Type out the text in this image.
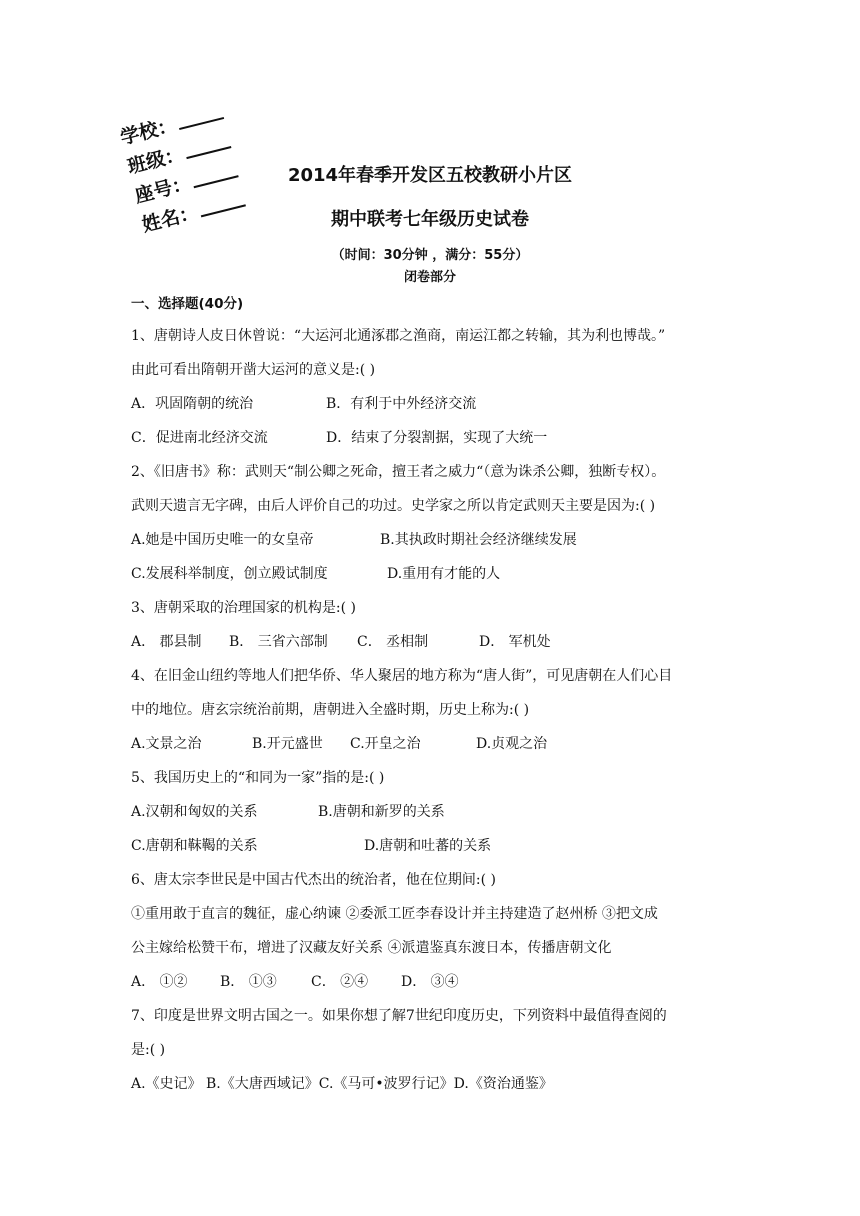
学校：
班级：
座号：
姓名：
2014年春季开发区五校教研小片区
期中联考七年级历史试卷
（时间：30分钟 ，满分：55分）
闭卷部分
一、选择题(40分)
1、唐朝诗人皮日休曾说：“大运河北通涿郡之渔商，南运江都之转输，其为利也博哉。”
由此可看出隋朝开凿大运河的意义是:( )
A．巩固隋朝的统治	B．有利于中外经济交流
C．促进南北经济交流	D．结束了分裂割据，实现了大统一
2、《旧唐书》称：武则天“制公卿之死命，擅王者之威力“（意为诛杀公卿，独断专权）。
武则天遗言无字碑，由后人评价自己的功过。史学家之所以肯定武则天主要是因为:( )
A.她是中国历史唯一的女皇帝	B.其执政时期社会经济继续发展
C.发展科举制度，创立殿试制度	D.重用有才能的人
3、唐朝采取的治理国家的机构是:( )
A． 郡县制 B． 三省六部制 C． 丞相制	D． 军机处
4、在旧金山纽约等地人们把华侨、华人聚居的地方称为“唐人街”，可见唐朝在人们心目
中的地位。唐玄宗统治前期，唐朝进入全盛时期，历史上称为:( )
A.文景之治	B.开元盛世 C.开皇之治	D.贞观之治
5、我国历史上的“和同为一家”指的是:( )
A.汉朝和匈奴的关系	B.唐朝和新罗的关系
C.唐朝和靺鞨的关系	D.唐朝和吐蕃的关系
6、唐太宗李世民是中国古代杰出的统治者，他在位期间:( )
①重用敢于直言的魏征，虚心纳谏 ②委派工匠李春设计并主持建造了赵州桥 ③把文成
公主嫁给松赞干布，增进了汉藏友好关系 ④派遣鉴真东渡日本，传播唐朝文化
A． ①② B． ①③ C． ②④ D． ③④
7、印度是世界文明古国之一。如果你想了解7世纪印度历史，下列资料中最值得查阅的
是:( )
A.《史记》 B.《大唐西域记》C.《马可•波罗行记》D.《资治通鉴》
